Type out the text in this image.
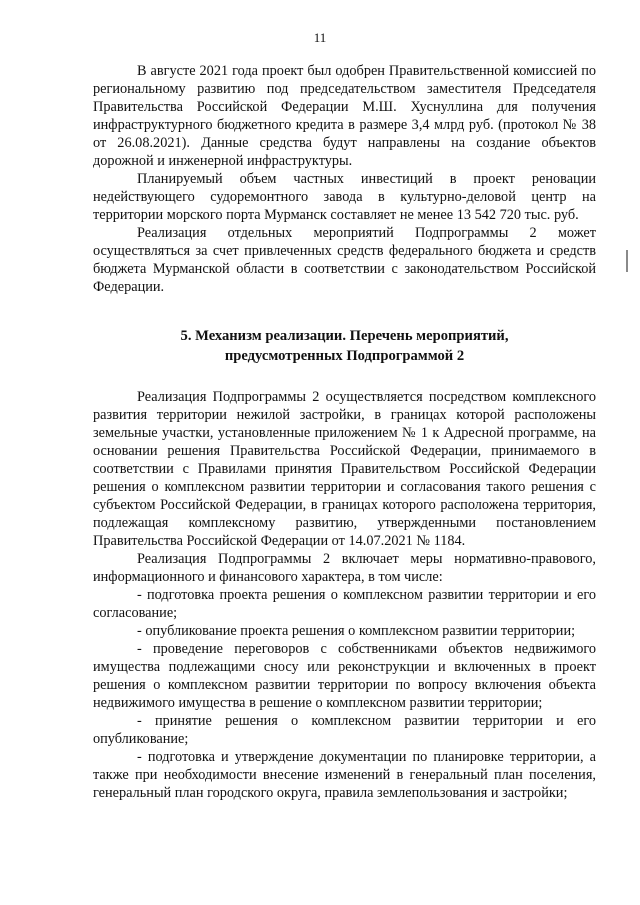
11

В августе 2021 года проект был одобрен Правительственной комиссией по региональному развитию под председательством заместителя Председателя Правительства Российской Федерации М.Ш. Хуснуллина для получения инфраструктурного бюджетного кредита в размере 3,4 млрд руб. (протокол № 38 от 26.08.2021). Данные средства будут направлены на создание объектов дорожной и инженерной инфраструктуры.

Планируемый объем частных инвестиций в проект реновации недействующего судоремонтного завода в культурно-деловой центр на территории морского порта Мурманск составляет не менее 13 542 720 тыс. руб.

Реализация отдельных мероприятий Подпрограммы 2 может осуществляться за счет привлеченных средств федерального бюджета и средств бюджета Мурманской области в соответствии с законодательством Российской Федерации.

5. Механизм реализации. Перечень мероприятий,
предусмотренных Подпрограммой 2

Реализация Подпрограммы 2 осуществляется посредством комплексного развития территории нежилой застройки, в границах которой расположены земельные участки, установленные приложением № 1 к Адресной программе, на основании решения Правительства Российской Федерации, принимаемого в соответствии с Правилами принятия Правительством Российской Федерации решения о комплексном развитии территории и согласования такого решения с субъектом Российской Федерации, в границах которого расположена территория, подлежащая комплексному развитию, утвержденными постановлением Правительства Российской Федерации от 14.07.2021 № 1184.

Реализация Подпрограммы 2 включает меры нормативно-правового, информационного и финансового характера, в том числе:

- подготовка проекта решения о комплексном развитии территории и его согласование;

- опубликование проекта решения о комплексном развитии территории;

- проведение переговоров с собственниками объектов недвижимого имущества подлежащими сносу или реконструкции и включенных в проект решения о комплексном развитии территории по вопросу включения объекта недвижимого имущества в решение о комплексном развитии территории;

- принятие решения о комплексном развитии территории и его опубликование;

- подготовка и утверждение документации по планировке территории, а также при необходимости внесение изменений в генеральный план поселения, генеральный план городского округа, правила землепользования и застройки;
